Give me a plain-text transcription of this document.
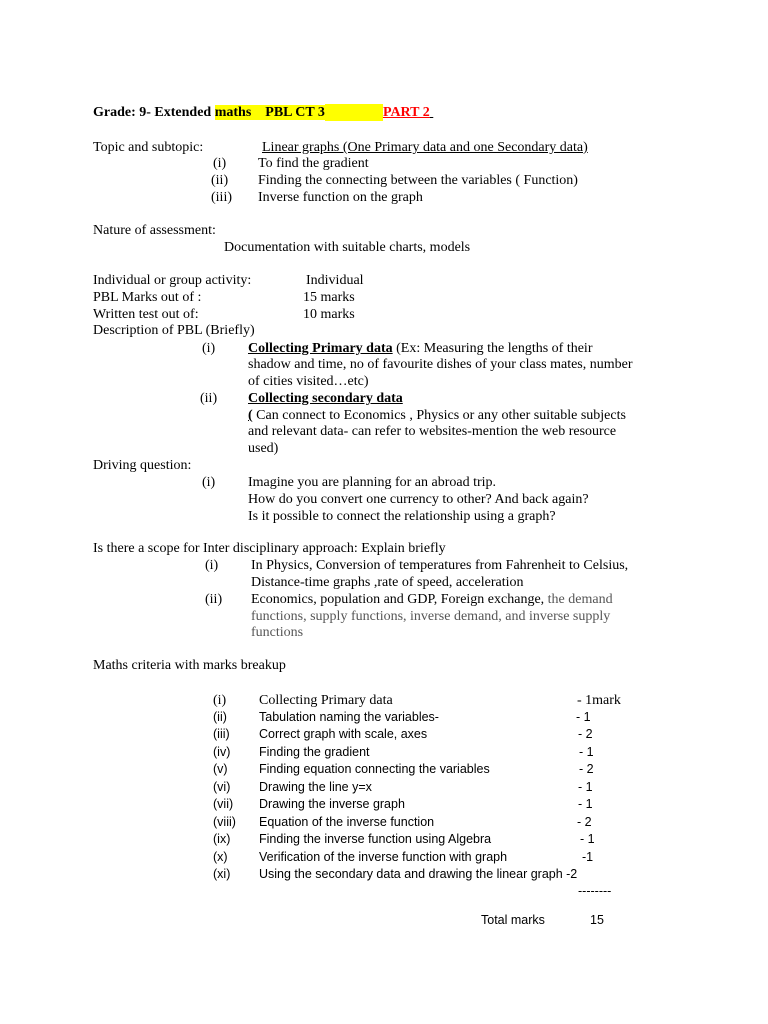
Grade: 9- Extended maths PBL CT 3	PART 2
Topic and subtopic:	Linear graphs (One Primary data and one Secondary data)
(i) To find the gradient
(ii) Finding the connecting between the variables ( Function)
(iii) Inverse function on the graph
Nature of assessment:
Documentation with suitable charts, models
Individual or group activity:	Individual
PBL Marks out of :	15 marks
Written test out of:	10 marks
Description of PBL (Briefly)
(i) Collecting Primary data (Ex: Measuring the lengths of their
shadow and time, no of favourite dishes of your class mates, number
of cities visited…etc)
(ii) Collecting secondary data
( Can connect to Economics , Physics or any other suitable subjects
and relevant data- can refer to websites-mention the web resource
used)
Driving question:
(i) Imagine you are planning for an abroad trip.
How do you convert one currency to other? And back again?
Is it possible to connect the relationship using a graph?
Is there a scope for Inter disciplinary approach: Explain briefly
(i) In Physics, Conversion of temperatures from Fahrenheit to Celsius,
Distance-time graphs ,rate of speed, acceleration
(ii) Economics, population and GDP, Foreign exchange, the demand
functions, supply functions, inverse demand, and inverse supply
functions
Maths criteria with marks breakup
(i) Collecting Primary data	- 1mark
(ii)	Tabulation naming the variables-	- 1
(iii) Correct graph with scale, axes	- 2
(iv) Finding the gradient	- 1
(v)	Finding equation connecting the variables	- 2
(vi) Drawing the line y=x	- 1
(vii) Drawing the inverse graph	- 1
(viii) Equation of the inverse function	- 2
(ix) Finding the inverse function using Algebra	- 1
(x)	Verification of the inverse function with graph	-1
(xi) Using the secondary data and drawing the linear graph -2
--------
Total marks	15
